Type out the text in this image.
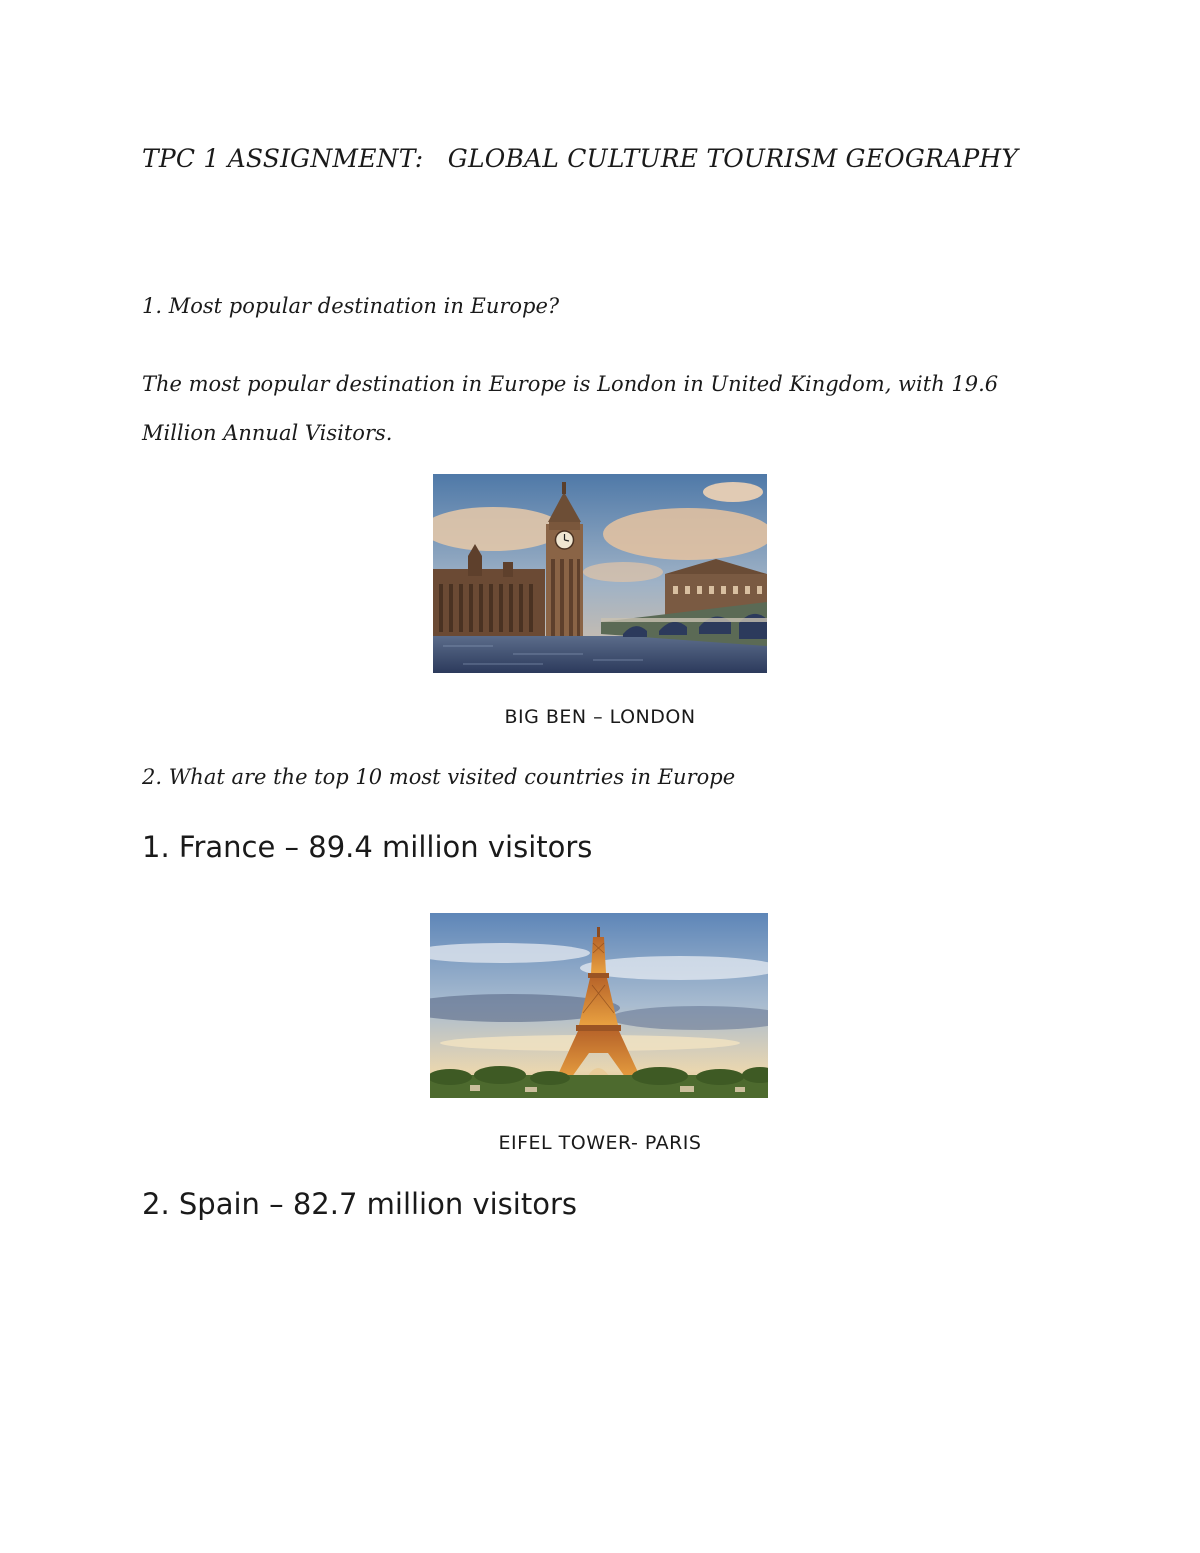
TPC 1 ASSIGNMENT:   GLOBAL CULTURE TOURISM GEOGRAPHY

1. Most popular destination in Europe?

The most popular destination in Europe is London in United Kingdom, with 19.6 Million Annual Visitors.

BIG BEN – LONDON

2. What are the top 10 most visited countries in Europe

1. France – 89.4 million visitors

EIFEL TOWER- PARIS

2. Spain – 82.7 million visitors
